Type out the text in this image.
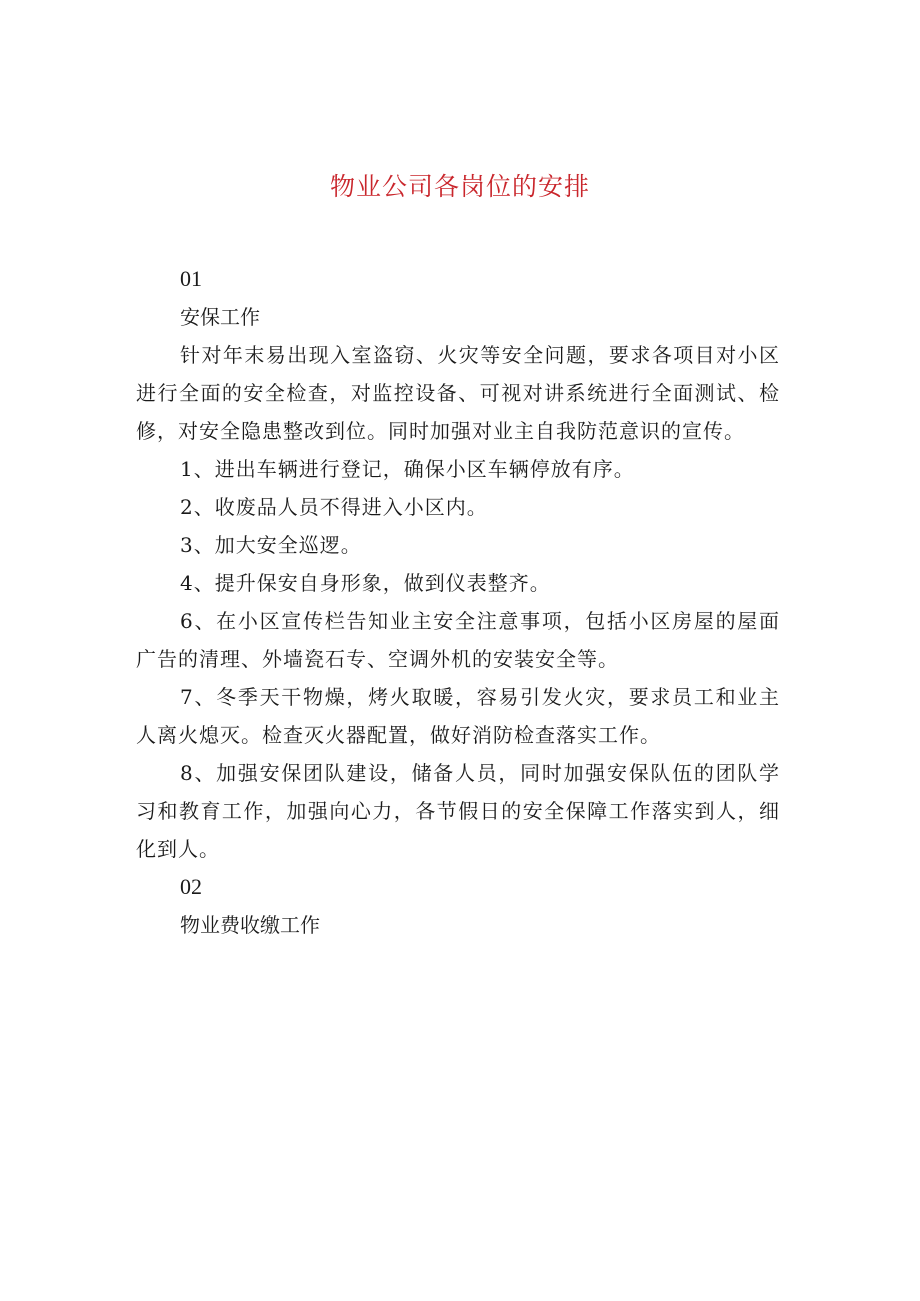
物业公司各岗位的安排
01
安保工作

针对年末易出现入室盗窃、火灾等安全问题，要求各项目对小区进行全面的安全检查，对监控设备、可视对讲系统进行全面测试、检修，对安全隐患整改到位。同时加强对业主自我防范意识的宣传。

1、进出车辆进行登记，确保小区车辆停放有序。

2、收废品人员不得进入小区内。

3、加大安全巡逻。

4、提升保安自身形象，做到仪表整齐。

6、在小区宣传栏告知业主安全注意事项，包括小区房屋的屋面广告的清理、外墙瓷石专、空调外机的安装安全等。

7、冬季天干物燥，烤火取暖，容易引发火灾，要求员工和业主人离火熄灭。检查灭火器配置，做好消防检查落实工作。

8、加强安保团队建设，储备人员，同时加强安保队伍的团队学习和教育工作，加强向心力，各节假日的安全保障工作落实到人，细化到人。

02
物业费收缴工作
